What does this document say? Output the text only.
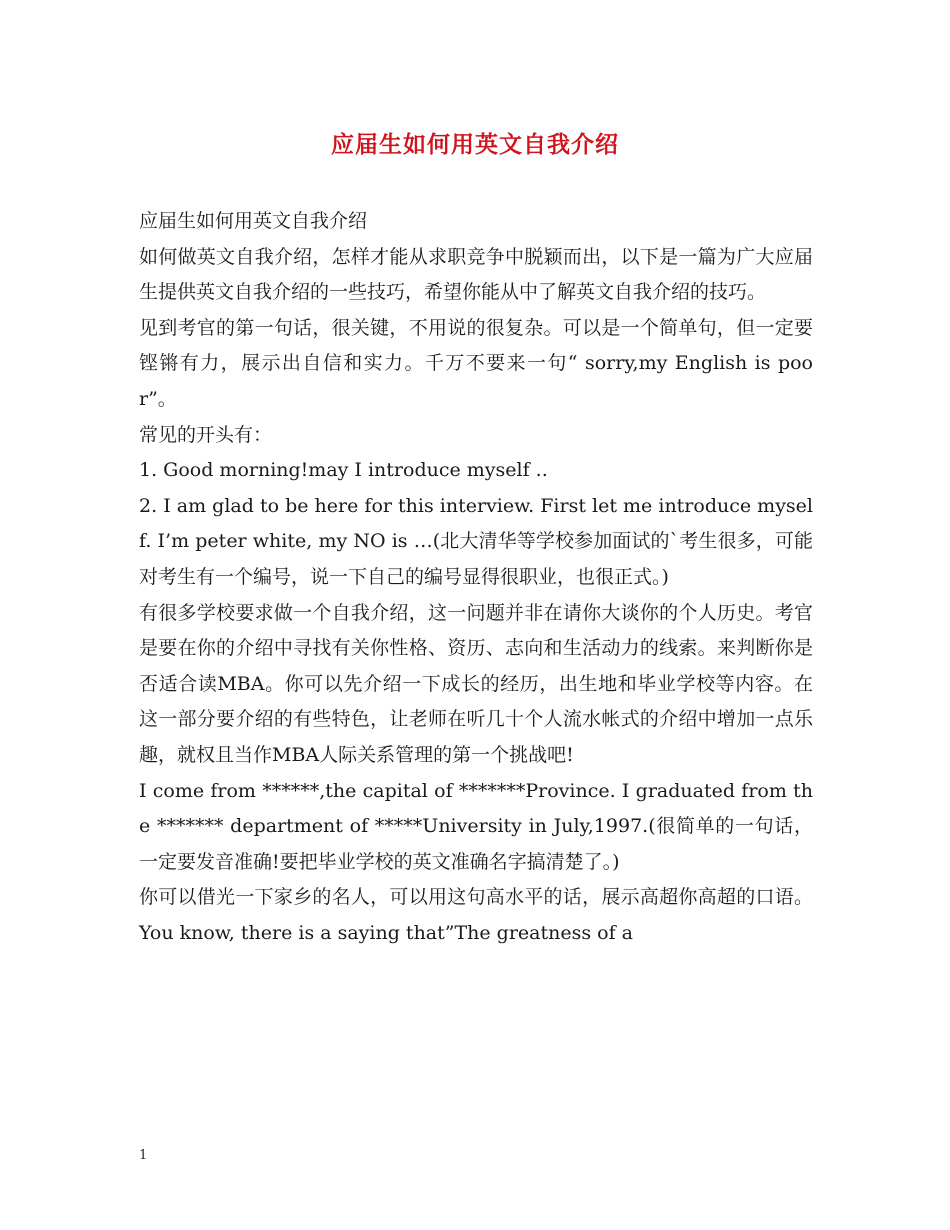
应届生如何用英文自我介绍

应届生如何用英文自我介绍

如何做英文自我介绍，怎样才能从求职竞争中脱颖而出，以下是一篇为广大应届生提供英文自我介绍的一些技巧，希望你能从中了解英文自我介绍的技巧。

见到考官的第一句话，很关键，不用说的很复杂。可以是一个简单句，但一定要铿锵有力，展示出自信和实力。千万不要来一句“ sorry,my English is poor”。

常见的开头有：

1. Good morning!may I introduce myself ..

2. I am glad to be here for this interview. First let me introduce myself. I’m peter white, my NO is …(北大清华等学校参加面试的`考生很多，可能对考生有一个编号，说一下自己的编号显得很职业，也很正式。)

有很多学校要求做一个自我介绍，这一问题并非在请你大谈你的个人历史。考官是要在你的介绍中寻找有关你性格、资历、志向和生活动力的线索。来判断你是否适合读MBA。你可以先介绍一下成长的经历，出生地和毕业学校等内容。在这一部分要介绍的有些特色，让老师在听几十个人流水帐式的介绍中增加一点乐趣，就权且当作MBA人际关系管理的第一个挑战吧!

I come from ******,the capital of *******Province. I graduated from the ******* department of *****University in July,1997.(很简单的一句话，一定要发音准确!要把毕业学校的英文准确名字搞清楚了。)

你可以借光一下家乡的名人，可以用这句高水平的话，展示高超你高超的口语。You know, there is a saying that”The greatness of a

1
